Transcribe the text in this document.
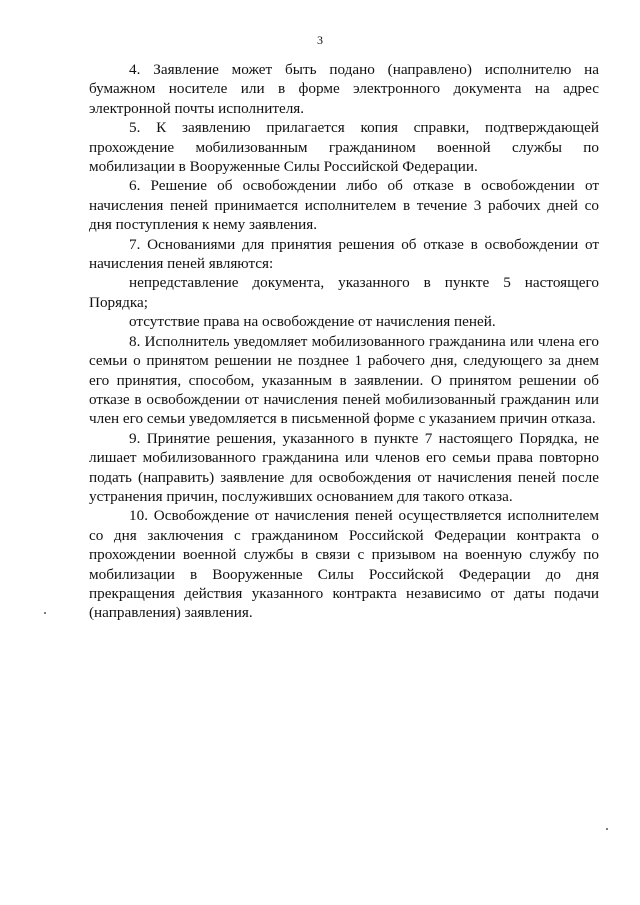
3

4. Заявление может быть подано (направлено) исполнителю на бумажном носителе или в форме электронного документа на адрес электронной почты исполнителя.

5. К заявлению прилагается копия справки, подтверждающей прохождение мобилизованным гражданином военной службы по мобилизации в Вооруженные Силы Российской Федерации.

6. Решение об освобождении либо об отказе в освобождении от начисления пеней принимается исполнителем в течение 3 рабочих дней со дня поступления к нему заявления.

7. Основаниями для принятия решения об отказе в освобождении от начисления пеней являются:

непредставление документа, указанного в пункте 5 настоящего Порядка;

отсутствие права на освобождение от начисления пеней.

8. Исполнитель уведомляет мобилизованного гражданина или члена его семьи о принятом решении не позднее 1 рабочего дня, следующего за днем его принятия, способом, указанным в заявлении. О принятом решении об отказе в освобождении от начисления пеней мобилизованный гражданин или член его семьи уведомляется в письменной форме с указанием причин отказа.

9. Принятие решения, указанного в пункте 7 настоящего Порядка, не лишает мобилизованного гражданина или членов его семьи права повторно подать (направить) заявление для освобождения от начисления пеней после устранения причин, послуживших основанием для такого отказа.

10. Освобождение от начисления пеней осуществляется исполнителем со дня заключения с гражданином Российской Федерации контракта о прохождении военной службы в связи с призывом на военную службу по мобилизации в Вооруженные Силы Российской Федерации до дня прекращения действия указанного контракта независимо от даты подачи (направления) заявления.
